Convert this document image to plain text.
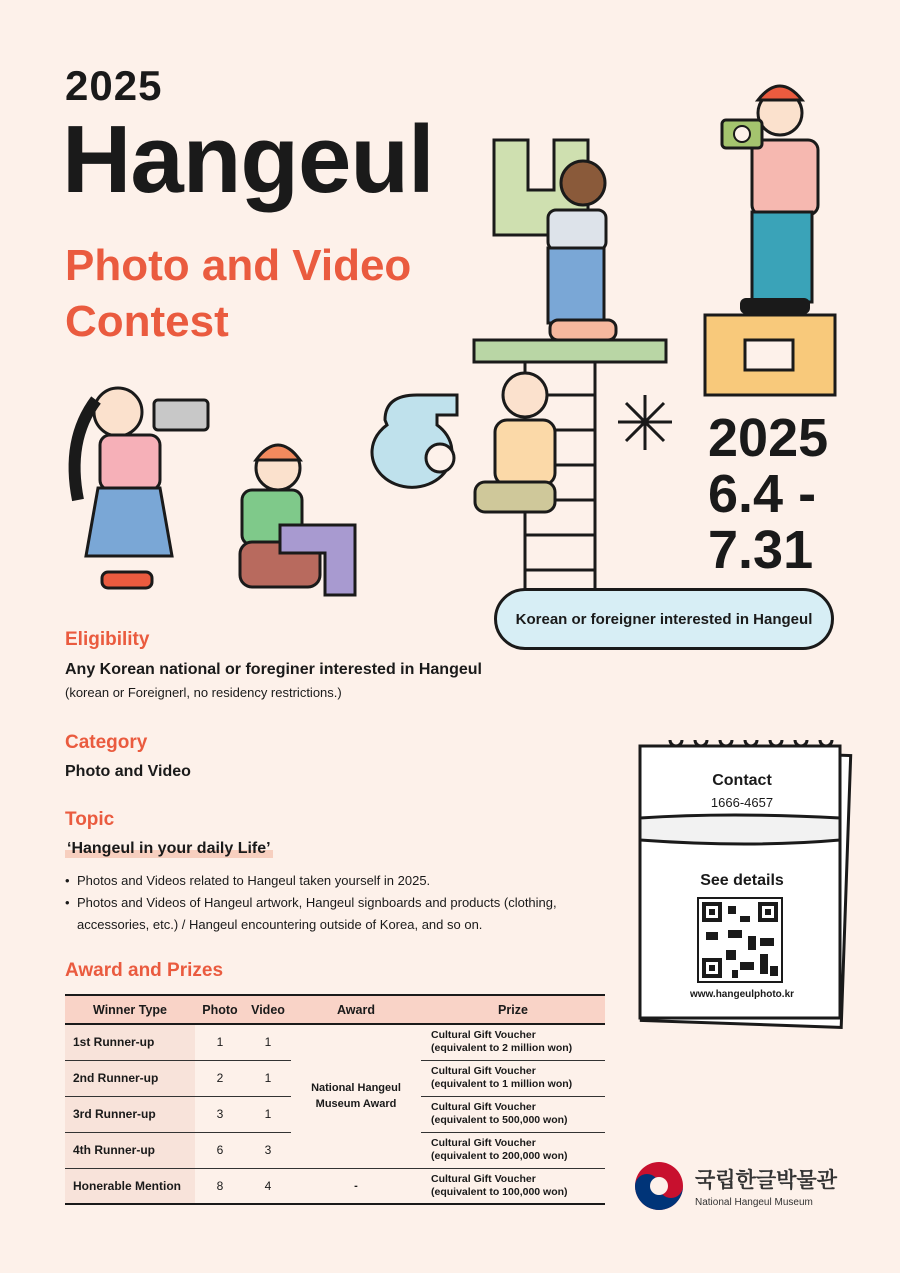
2025
Hangeul
Photo and Video Contest
2025
6.4 -
7.31
Korean or foreigner interested in Hangeul
Eligibility
Any Korean national or foreginer interested in Hangeul
(korean or Foreignerl, no residency restrictions.)
Category
Photo and Video
Topic
‘Hangeul in your daily Life’
• Photos and Videos related to Hangeul taken yourself in 2025.
• Photos and Videos of Hangeul artwork, Hangeul signboards and products (clothing, accessories, etc.) / Hangeul encountering outside of Korea, and so on.
Award and Prizes
Winner Type	Photo	Video	Award	Prize
1st Runner-up	1	1	National Hangeul Museum Award	Cultural Gift Voucher
(equivalent to 2 million won)

2nd Runner-up	2	1		Cultural Gift Voucher
(equivalent to 1 million won)

3rd Runner-up	3	1		Cultural Gift Voucher
(equivalent to 500,000 won)

4th Runner-up	6	3		Cultural Gift Voucher
(equivalent to 200,000 won)

Honerable Mention	8	4	-	Cultural Gift Voucher
(equivalent to 100,000 won)
Contact
1666-4657
See details
www.hangeulphoto.kr
국립한글박물관
National Hangeul Museum
